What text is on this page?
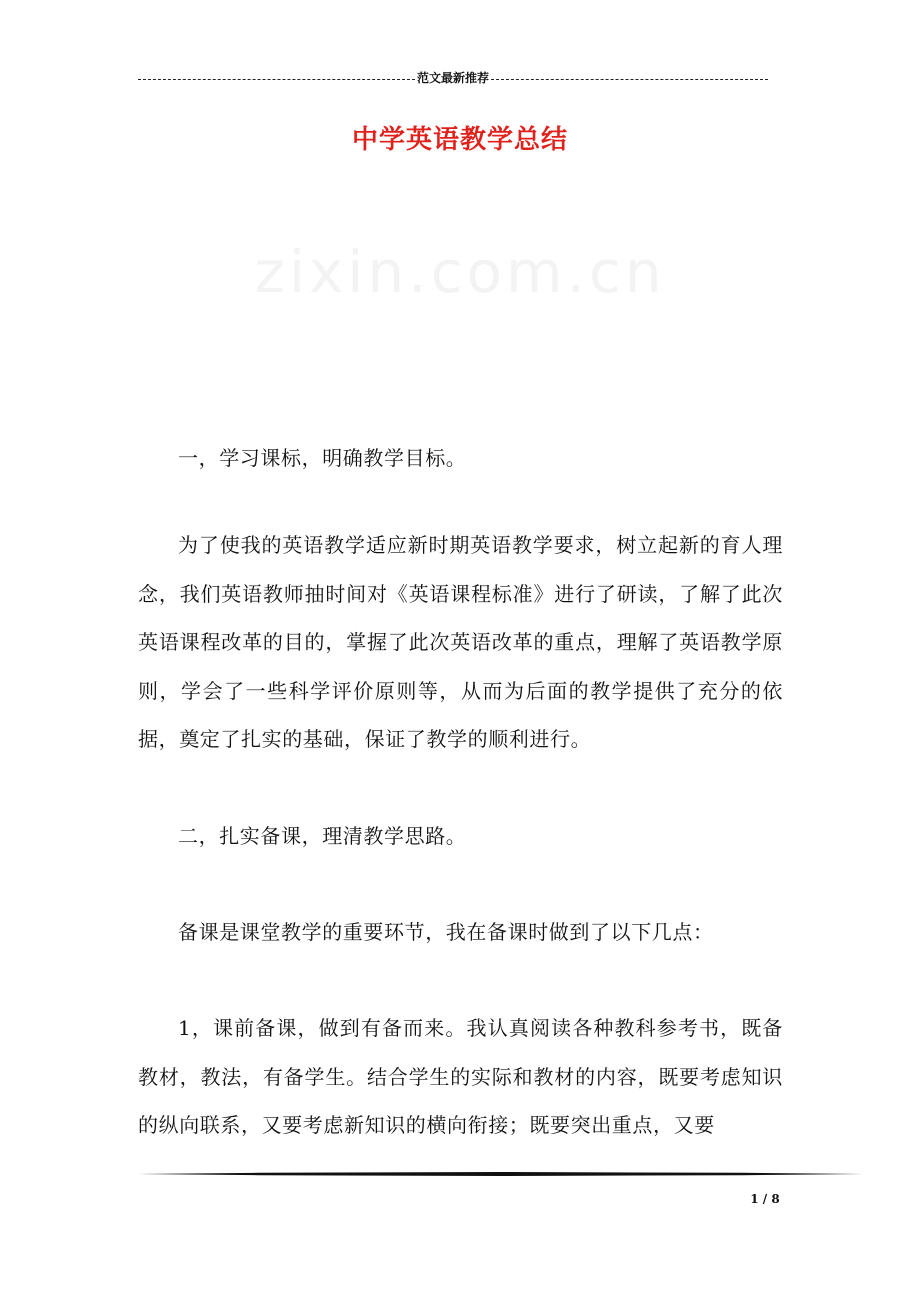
范文最新推荐
中学英语教学总结
zixin.com.cn

一，学习课标，明确教学目标。

为了使我的英语教学适应新时期英语教学要求，树立起新的育人理念，我们英语教师抽时间对《英语课程标准》进行了研读，了解了此次英语课程改革的目的，掌握了此次英语改革的重点，理解了英语教学原则，学会了一些科学评价原则等，从而为后面的教学提供了充分的依据，奠定了扎实的基础，保证了教学的顺利进行。

二，扎实备课，理清教学思路。

备课是课堂教学的重要环节，我在备课时做到了以下几点：

1，课前备课，做到有备而来。我认真阅读各种教科参考书，既备教材，教法，有备学生。结合学生的实际和教材的内容，既要考虑知识的纵向联系，又要考虑新知识的横向衔接；既要突出重点，又要

1 / 8
